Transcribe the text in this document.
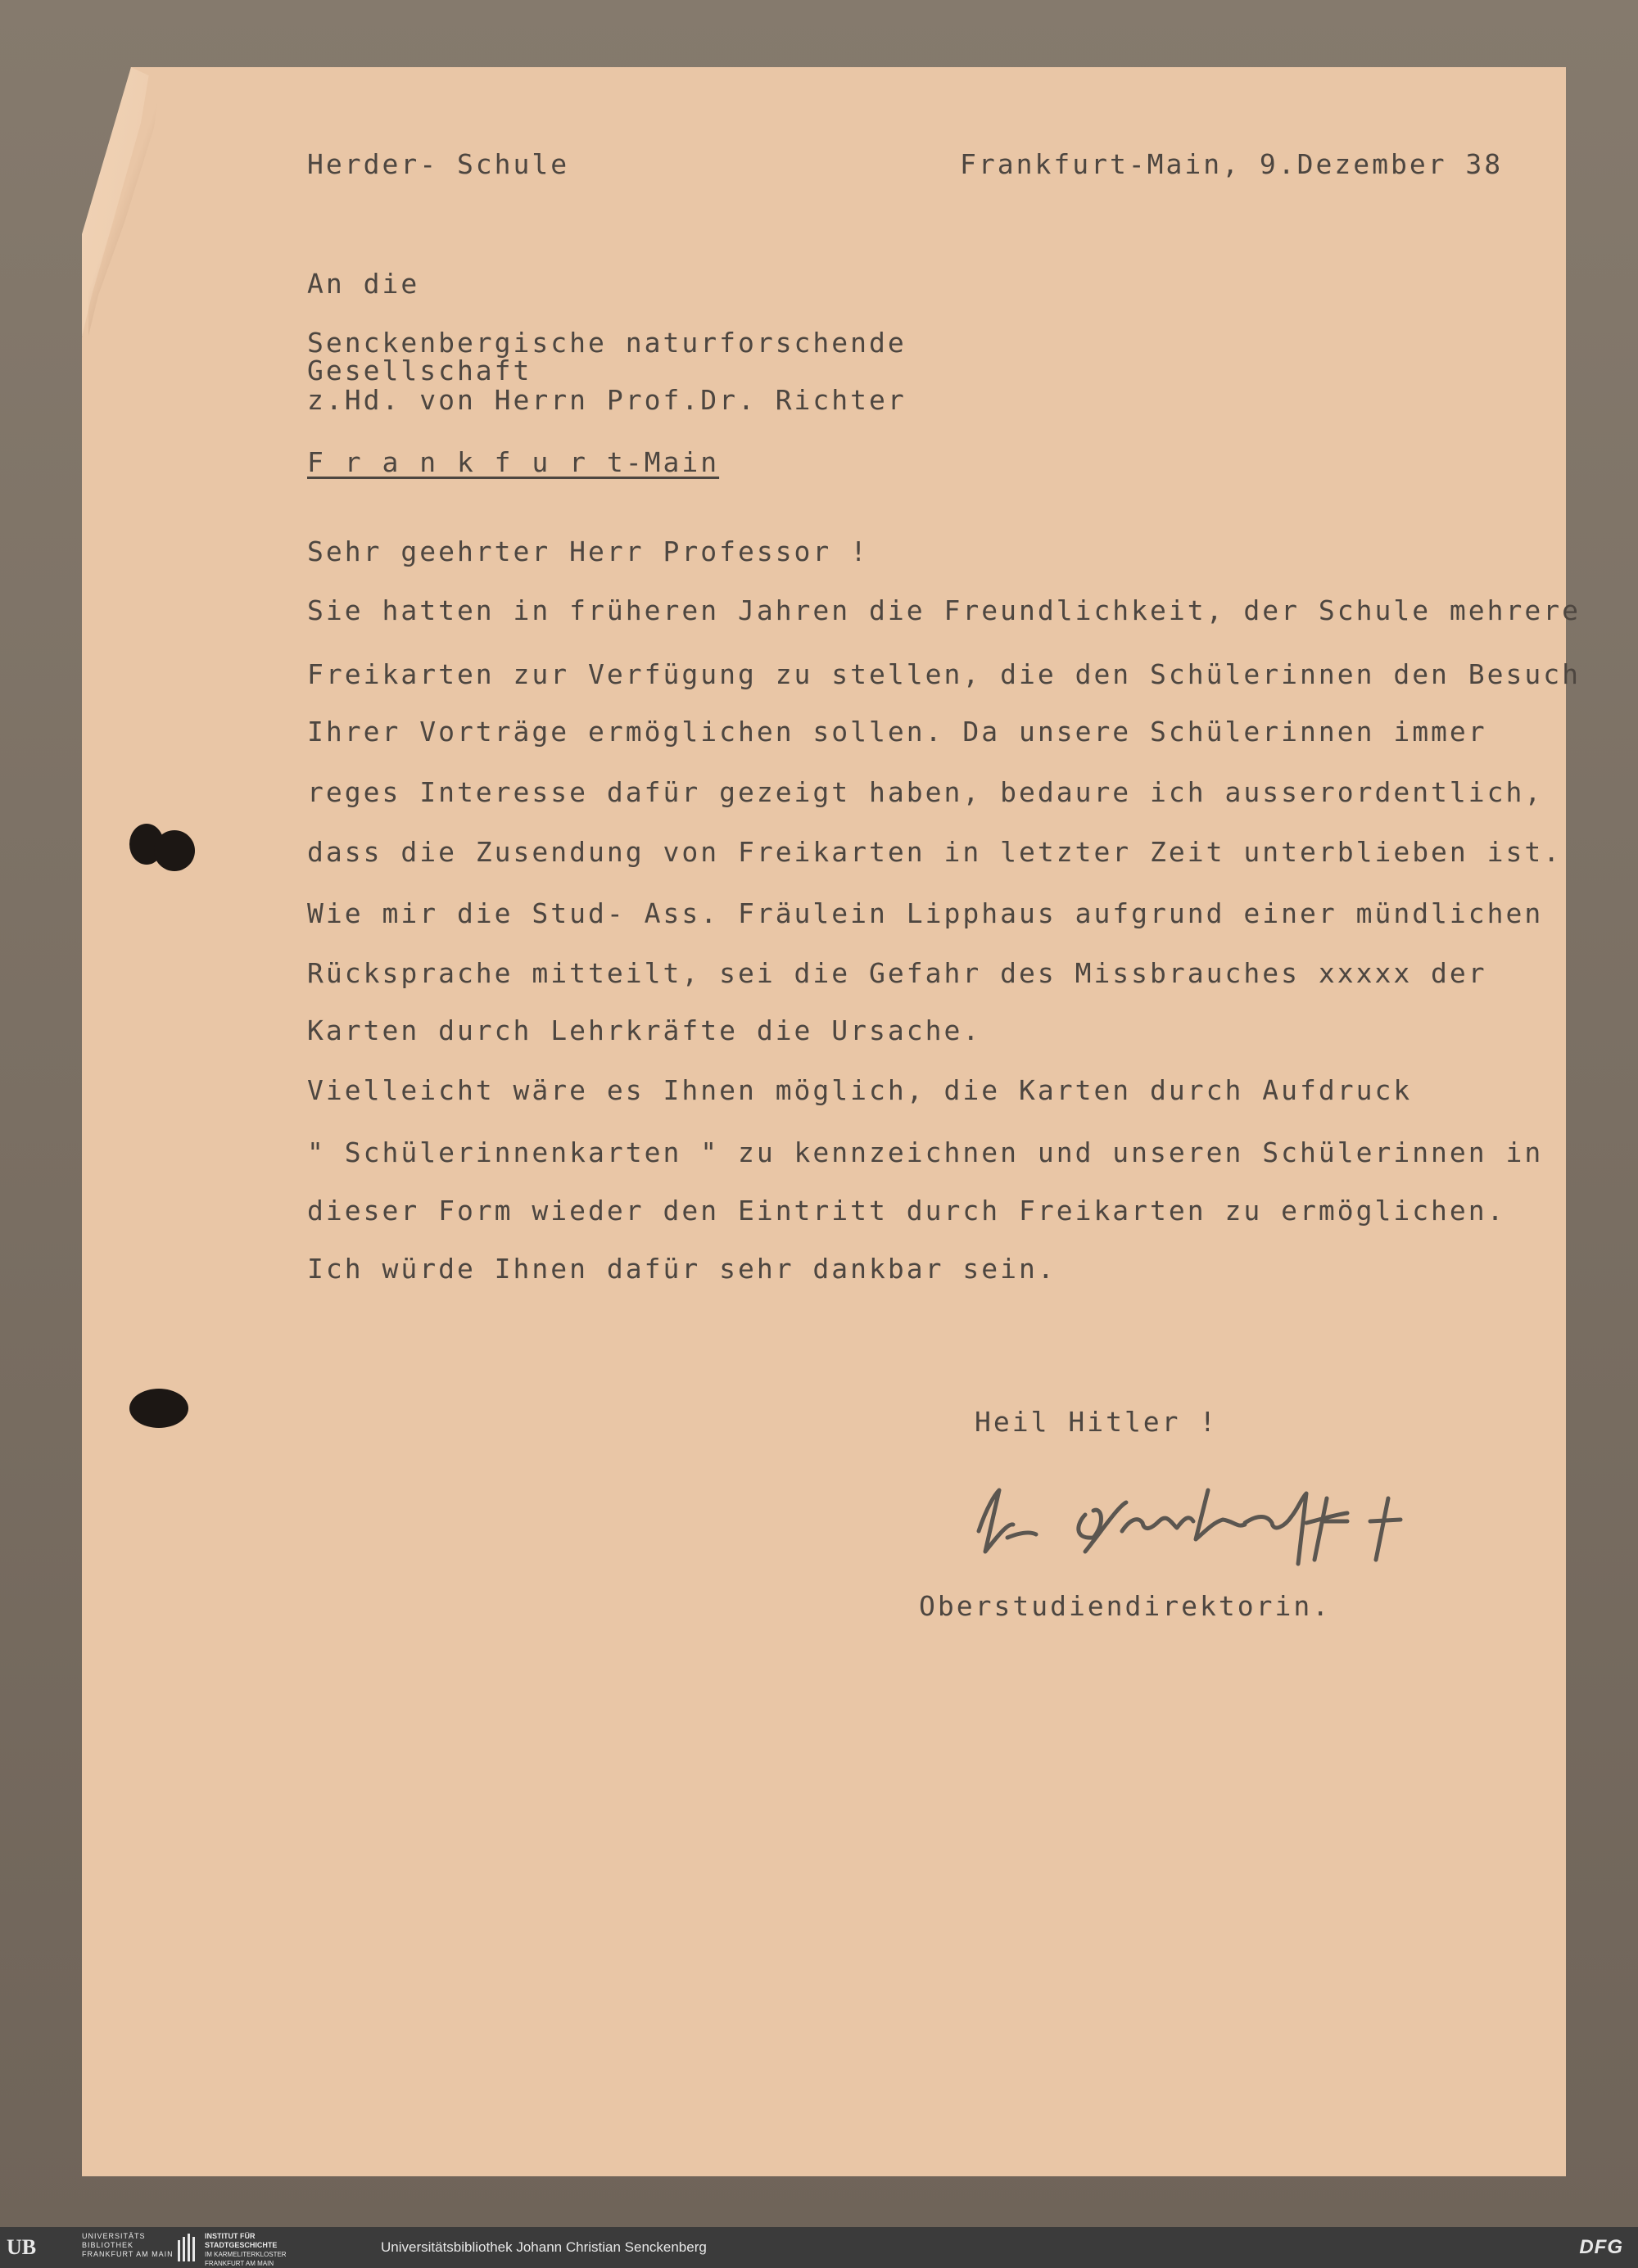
Herder- Schule	Frankfurt-Main, 9.Dezember 38
An die
Senckenbergische naturforschende
Gesellschaft
z.Hd. von Herrn Prof.Dr. Richter
F r a n k f u r t-Main
Sehr geehrter Herr Professor !
Sie hatten in früheren Jahren die Freundlichkeit, der Schule mehrere
Freikarten zur Verfügung zu stellen, die den Schülerinnen den Besuch
Ihrer Vorträge ermöglichen sollen. Da unsere Schülerinnen immer
reges Interesse dafür gezeigt haben, bedaure ich ausserordentlich,
dass die Zusendung von Freikarten in letzter Zeit unterblieben ist.
Wie mir die Stud- Ass. Fräulein Lipphaus aufgrund einer mündlichen
Rücksprache mitteilt, sei die Gefahr des Missbrauches xxxxx der
Karten durch Lehrkräfte die Ursache.
Vielleicht wäre es Ihnen möglich, die Karten durch Aufdruck
" Schülerinnenkarten " zu kennzeichnen und unseren Schülerinnen in
dieser Form wieder den Eintritt durch Freikarten zu ermöglichen.
Ich würde Ihnen dafür sehr dankbar sein.
Heil Hitler !
Oberstudiendirektorin.
UB	UNIVERSITÄTS
BIBLIOTHEK
FRANKFURT AM MAIN
INSTITUT FÜR
STADTGESCHICHTE
IM KARMELITERKLOSTER
FRANKFURT AM MAIN
Universitätsbibliothek Johann Christian Senckenberg	DFG
